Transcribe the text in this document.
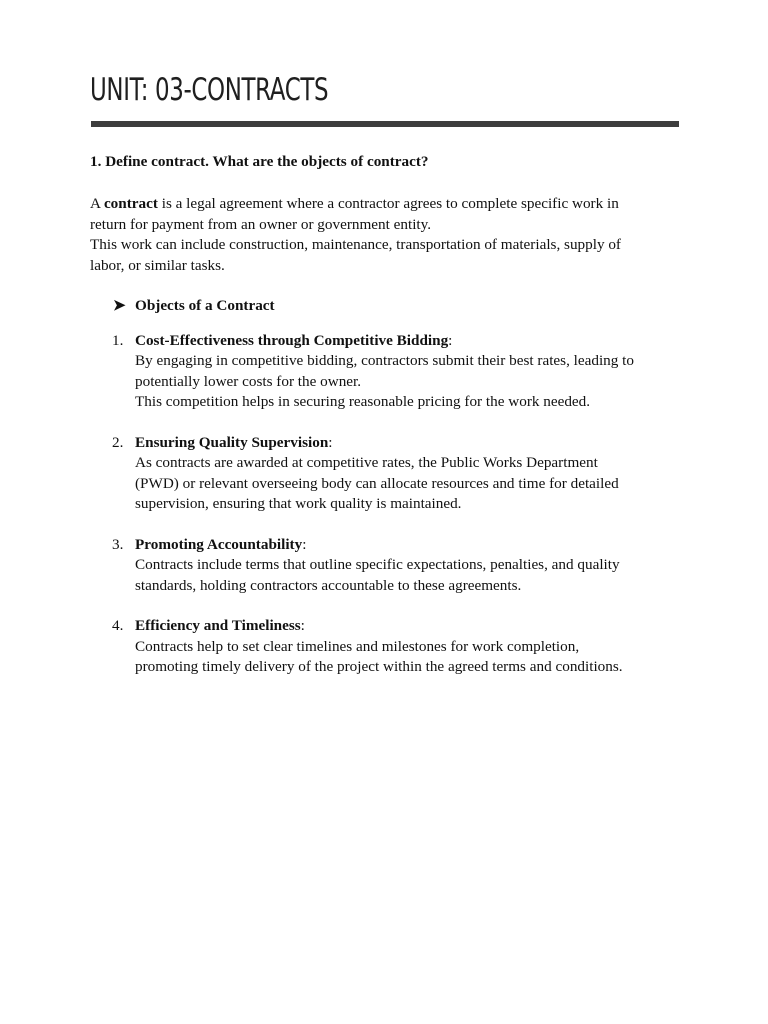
UNIT: 03-CONTRACTS

1. Define contract. What are the objects of contract?

A contract is a legal agreement where a contractor agrees to complete specific work in
return for payment from an owner or government entity.
This work can include construction, maintenance, transportation of materials, supply of
labor, or similar tasks.

➤ Objects of a Contract

1. Cost-Effectiveness through Competitive Bidding:
By engaging in competitive bidding, contractors submit their best rates, leading to
potentially lower costs for the owner.
This competition helps in securing reasonable pricing for the work needed.
2. Ensuring Quality Supervision:
As contracts are awarded at competitive rates, the Public Works Department
(PWD) or relevant overseeing body can allocate resources and time for detailed
supervision, ensuring that work quality is maintained.
3. Promoting Accountability:
Contracts include terms that outline specific expectations, penalties, and quality
standards, holding contractors accountable to these agreements.
4. Efficiency and Timeliness:
Contracts help to set clear timelines and milestones for work completion,
promoting timely delivery of the project within the agreed terms and conditions.
